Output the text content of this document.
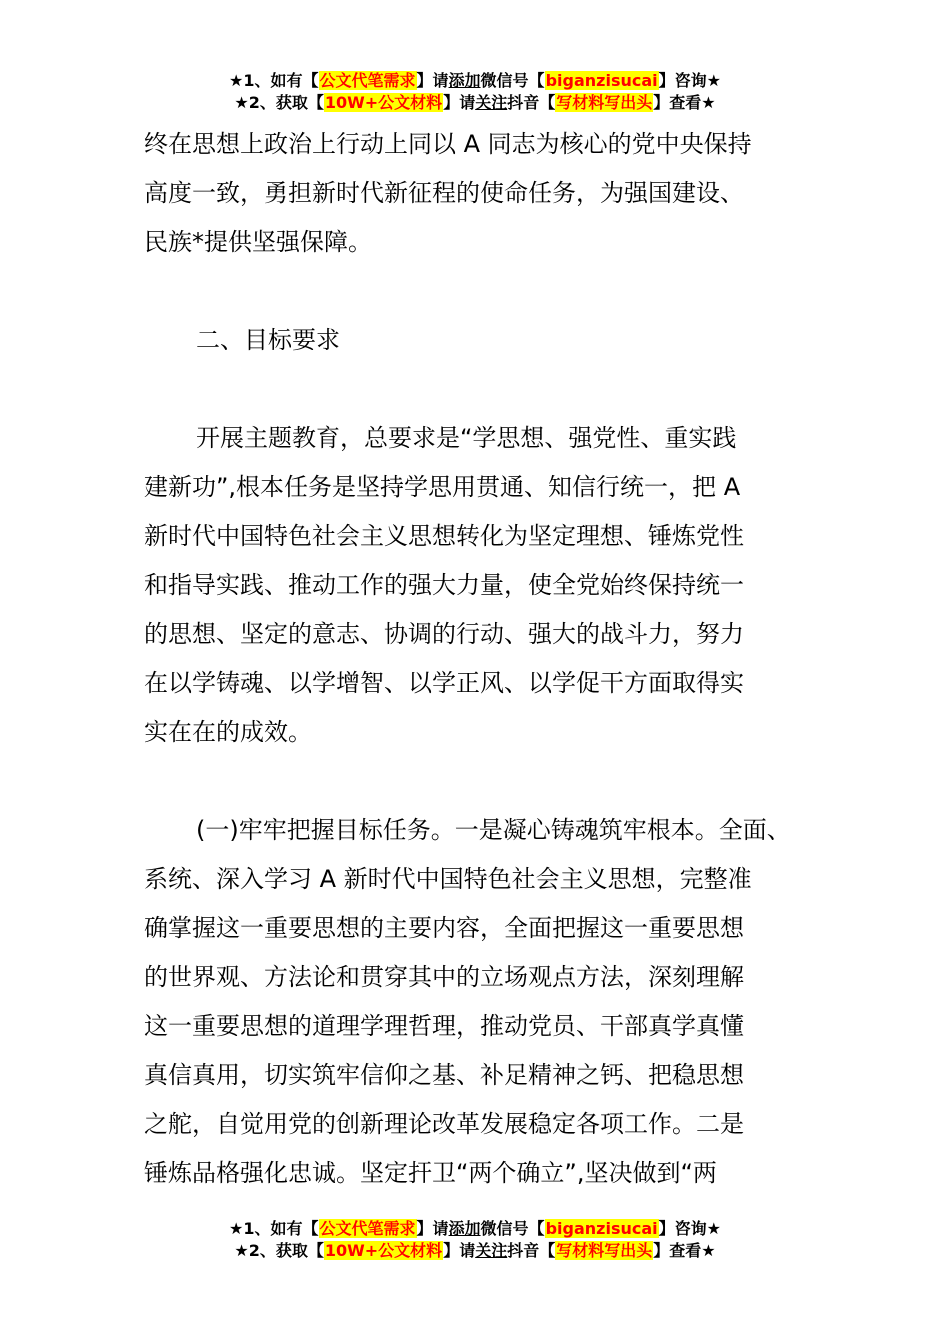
★1、如有【公文代笔需求】请添加微信号【biganzisucai】咨询★
★2、获取【10W+公文材料】请关注抖音【写材料写出头】查看★
终在思想上政治上行动上同以 A 同志为核心的党中央保持
高度一致，勇担新时代新征程的使命任务，为强国建设、
民族*提供坚强保障。
二、目标要求
开展主题教育，总要求是“学思想、强党性、重实践
建新功”,根本任务是坚持学思用贯通、知信行统一，把 A
新时代中国特色社会主义思想转化为坚定理想、锤炼党性
和指导实践、推动工作的强大力量，使全党始终保持统一
的思想、坚定的意志、协调的行动、强大的战斗力，努力
在以学铸魂、以学增智、以学正风、以学促干方面取得实
实在在的成效。
(一)牢牢把握目标任务。一是凝心铸魂筑牢根本。全面、
系统、深入学习 A 新时代中国特色社会主义思想，完整准
确掌握这一重要思想的主要内容，全面把握这一重要思想
的世界观、方法论和贯穿其中的立场观点方法，深刻理解
这一重要思想的道理学理哲理，推动党员、干部真学真懂
真信真用，切实筑牢信仰之基、补足精神之钙、把稳思想
之舵，自觉用党的创新理论改革发展稳定各项工作。二是
锤炼品格强化忠诚。坚定扞卫“两个确立”,坚决做到“两
★1、如有【公文代笔需求】请添加微信号【biganzisucai】咨询★
★2、获取【10W+公文材料】请关注抖音【写材料写出头】查看★
